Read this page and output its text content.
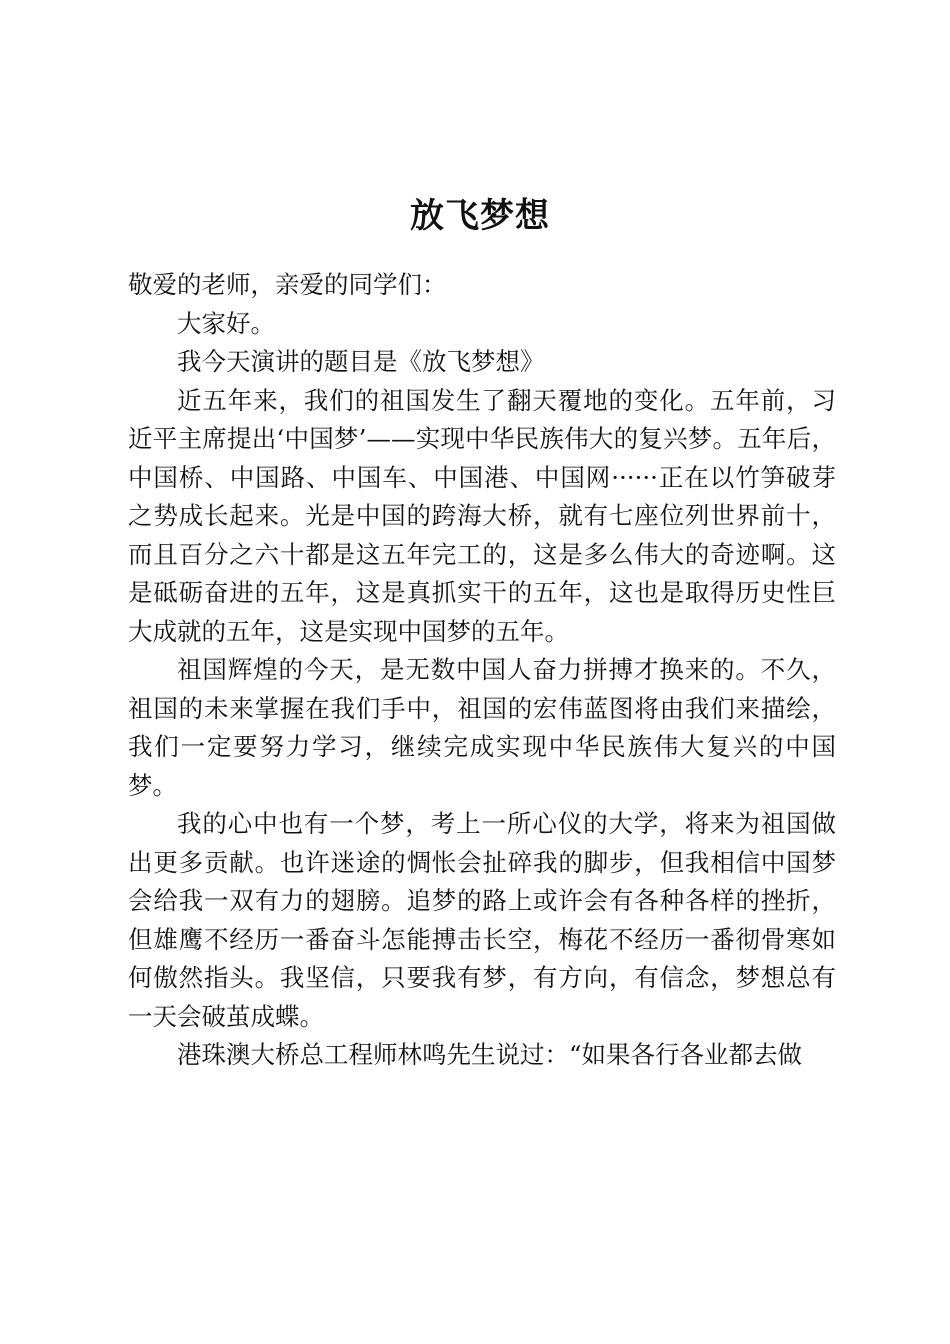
放飞梦想

敬爱的老师，亲爱的同学们：

大家好。

我今天演讲的题目是《放飞梦想》

近五年来，我们的祖国发生了翻天覆地的变化。五年前，习近平主席提出‘中国梦’——实现中华民族伟大的复兴梦。五年后，中国桥、中国路、中国车、中国港、中国网······正在以竹笋破芽之势成长起来。光是中国的跨海大桥，就有七座位列世界前十，而且百分之六十都是这五年完工的，这是多么伟大的奇迹啊。这是砥砺奋进的五年，这是真抓实干的五年，这也是取得历史性巨大成就的五年，这是实现中国梦的五年。

祖国辉煌的今天，是无数中国人奋力拼搏才换来的。不久，祖国的未来掌握在我们手中，祖国的宏伟蓝图将由我们来描绘，我们一定要努力学习，继续完成实现中华民族伟大复兴的中国梦。

我的心中也有一个梦，考上一所心仪的大学，将来为祖国做出更多贡献。也许迷途的惆怅会扯碎我的脚步，但我相信中国梦会给我一双有力的翅膀。追梦的路上或许会有各种各样的挫折，但雄鹰不经历一番奋斗怎能搏击长空，梅花不经历一番彻骨寒如何傲然指头。我坚信，只要我有梦，有方向，有信念，梦想总有一天会破茧成蝶。

港珠澳大桥总工程师林鸣先生说过：“如果各行各业都去做
